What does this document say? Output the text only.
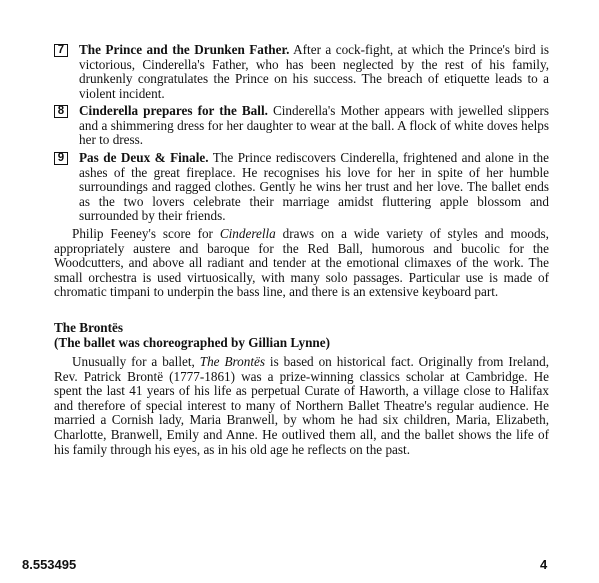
7 The Prince and the Drunken Father. After a cock-fight, at which the Prince's bird is victorious, Cinderella's Father, who has been neglected by the rest of his family, drunkenly congratulates the Prince on his success. The breach of etiquette leads to a violent incident.
8 Cinderella prepares for the Ball. Cinderella's Mother appears with jewelled slippers and a shimmering dress for her daughter to wear at the ball. A flock of white doves helps her to dress.
9 Pas de Deux & Finale. The Prince rediscovers Cinderella, frightened and alone in the ashes of the great fireplace. He recognises his love for her in spite of her humble surroundings and ragged clothes. Gently he wins her trust and her love. The ballet ends as the two lovers celebrate their marriage amidst fluttering apple blossom and surrounded by their friends.
Philip Feeney's score for Cinderella draws on a wide variety of styles and moods, appropriately austere and baroque for the Red Ball, humorous and bucolic for the Woodcutters, and above all radiant and tender at the emotional climaxes of the work. The small orchestra is used virtuosically, with many solo passages. Particular use is made of chromatic timpani to underpin the bass line, and there is an extensive keyboard part.
The Brontës
(The ballet was choreographed by Gillian Lynne)
Unusually for a ballet, The Brontës is based on historical fact. Originally from Ireland, Rev. Patrick Brontë (1777-1861) was a prize-winning classics scholar at Cambridge. He spent the last 41 years of his life as perpetual Curate of Haworth, a village close to Halifax and therefore of special interest to many of Northern Ballet Theatre's regular audience. He married a Cornish lady, Maria Branwell, by whom he had six children, Maria, Elizabeth, Charlotte, Branwell, Emily and Anne. He outlived them all, and the ballet shows the life of his family through his eyes, as in his old age he reflects on the past.
8.553495	4
